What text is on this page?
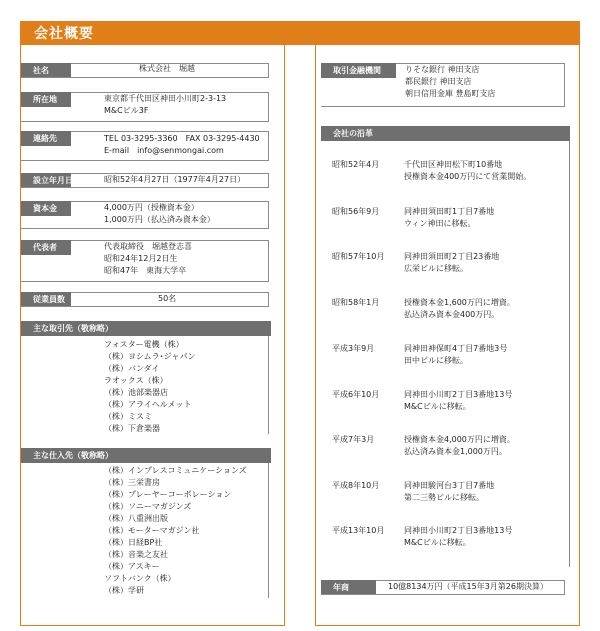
会社概要
社名	株式会社　堀越
所在地	東京都千代田区神田小川町2-3-13
M&Cビル3F
連絡先	TEL 03-3295-3360　FAX 03-3295-4430
E-mail　info@senmongai.com
設立年月日	昭和52年4月27日（1977年4月27日）
資本金	4,000万円（授権資本金）
1,000万円（払込済み資本金）
代表者	代表取締役　堀越登志喜
昭和24年12月2日生
昭和47年　東海大学卒
従業員数	50名
主な取引先（敬称略）
フォスター電機（株）
（株）ヨシムラ･ジャパン
（株）バンダイ
ラオックス（株）
（株）池部楽器店
（株）アライヘルメット
（株）ミスミ
（株）下倉楽器
主な仕入先（敬称略）
（株）インプレスコミュニケーションズ
（株）三栄書房
（株）プレーヤーコーポレーション
（株）ソニーマガジンズ
（株）八重洲出版
（株）モーターマガジン社
（株）日経BP社
（株）音楽之友社
（株）アスキー
ソフトバンク（株）
（株）学研
取引金融機関	りそな銀行 神田支店
都民銀行 神田支店
朝日信用金庫 豊島町支店
会社の沿革
昭和52年4月	千代田区神田松下町10番地
授権資本金400万円にて営業開始。
昭和56年9月	同神田須田町1丁目7番地
ウィン神田に移転。
昭和57年10月 同神田須田町2丁目23番地
広栄ビルに移転。
昭和58年1月	授権資本金1,600万円に増資。
払込済み資本金400万円。
平成3年9月	同神田神保町4丁目7番地3号
田中ビルに移転。
平成6年10月	同神田小川町2丁目3番地13号
M&Cビルに移転。
平成7年3月	授権資本金4,000万円に増資。
払込済み資本金1,000万円。
平成8年10月	同神田駿河台3丁目7番地
第二三勢ビルに移転。
平成13年10月 同神田小川町2丁目3番地13号
M&Cビルに移転。
年商	10億8134万円（平成15年3月第26期決算）
